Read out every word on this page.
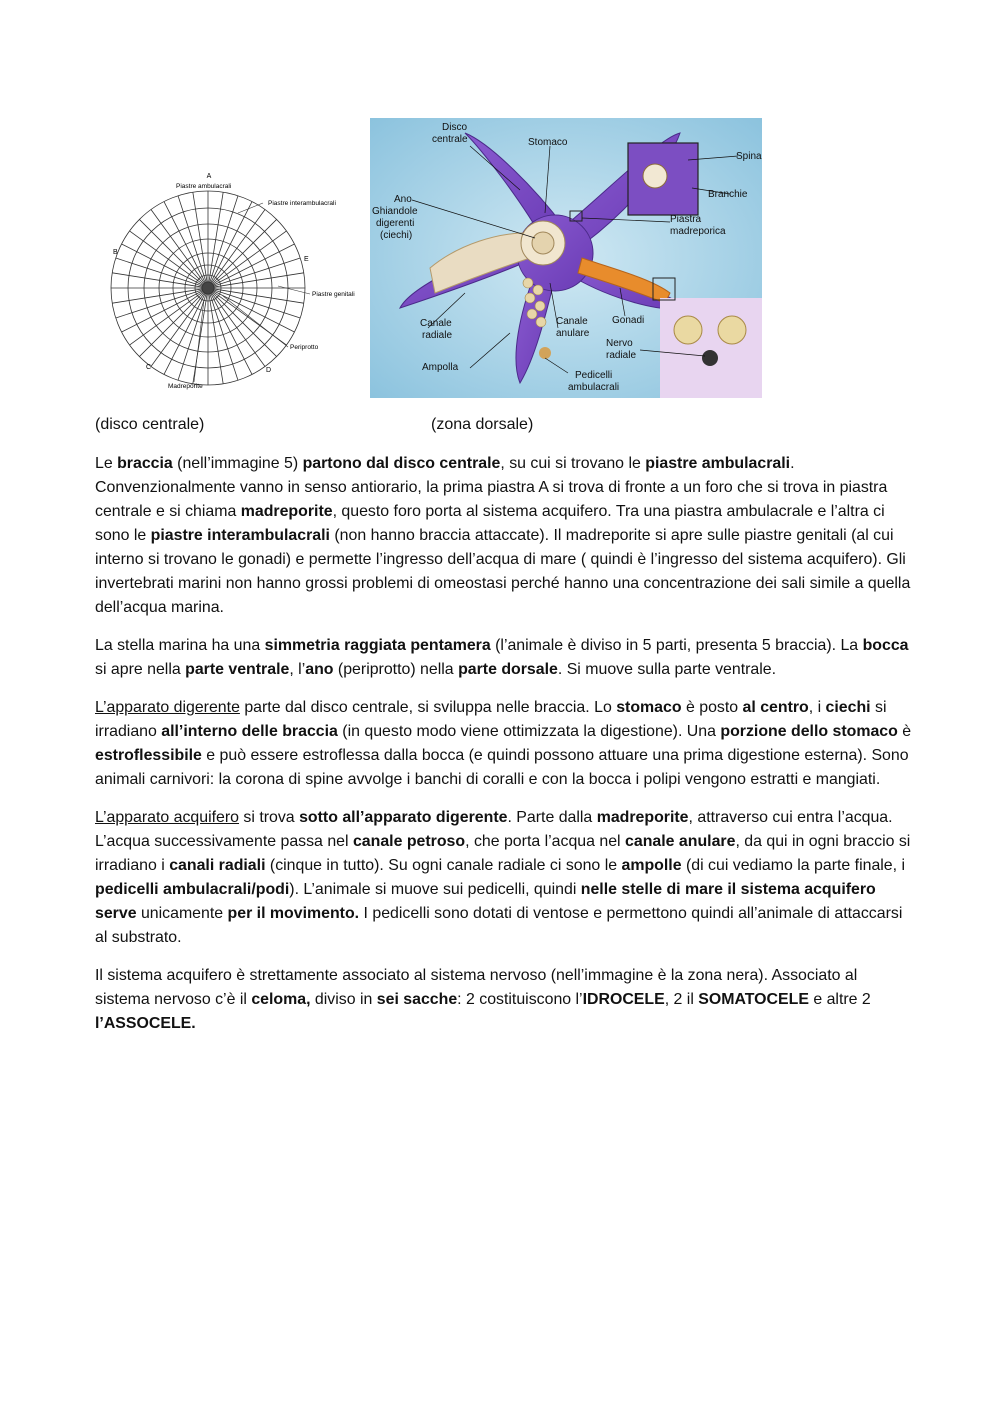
A
Piastre ambulacrali
Piastre interambulacrali
B
E
Piastre genitali
Periprotto
C	D
Madreporite
Disco
centrale	Stomaco
Spina
Branchie
Ano
Ghiandole
digerenti
(ciechi)
Piastra
madreporica
Canale
radiale
Canale
anulare
Gonadi
Nervo
radiale
Ampolla
Pedicelli
ambulacrali
(disco centrale)	(zona dorsale)

Le braccia (nell’immagine 5) partono dal disco centrale, su cui si trovano le piastre ambulacrali. Convenzionalmente vanno in senso antiorario, la prima piastra A si trova di fronte a un foro che si trova in piastra centrale e si chiama madreporite, questo foro porta al sistema acquifero. Tra una piastra ambulacrale e l’altra ci sono le piastre interambulacrali (non hanno braccia attaccate). Il madreporite si apre sulle piastre genitali (al cui interno si trovano le gonadi) e permette l’ingresso dell’acqua di mare ( quindi è l’ingresso del sistema acquifero). Gli invertebrati marini non hanno grossi problemi di omeostasi perché hanno una concentrazione dei sali simile a quella dell’acqua marina.

La stella marina ha una simmetria raggiata pentamera (l’animale è diviso in 5 parti, presenta 5 braccia). La bocca si apre nella parte ventrale, l’ano (periprotto) nella parte dorsale. Si muove sulla parte ventrale.

L’apparato digerente parte dal disco centrale, si sviluppa nelle braccia. Lo stomaco è posto al centro, i ciechi si irradiano all’interno delle braccia (in questo modo viene ottimizzata la digestione). Una porzione dello stomaco è estroflessibile e può essere estroflessa dalla bocca (e quindi possono attuare una prima digestione esterna). Sono animali carnivori: la corona di spine avvolge i banchi di coralli e con la bocca i polipi vengono estratti e mangiati.

L’apparato acquifero si trova sotto all’apparato digerente. Parte dalla madreporite, attraverso cui entra l’acqua. L’acqua successivamente passa nel canale petroso, che porta l’acqua nel canale anulare, da qui in ogni braccio si irradiano i canali radiali (cinque in tutto). Su ogni canale radiale ci sono le ampolle (di cui vediamo la parte finale, i pedicelli ambulacrali/podi). L’animale si muove sui pedicelli, quindi nelle stelle di mare il sistema acquifero serve unicamente per il movimento. I pedicelli sono dotati di ventose e permettono quindi all’animale di attaccarsi al substrato.

Il sistema acquifero è strettamente associato al sistema nervoso (nell’immagine è la zona nera). Associato al sistema nervoso c’è il celoma, diviso in sei sacche: 2 costituiscono l’IDROCELE, 2 il SOMATOCELE e altre 2 l’ASSOCELE.
